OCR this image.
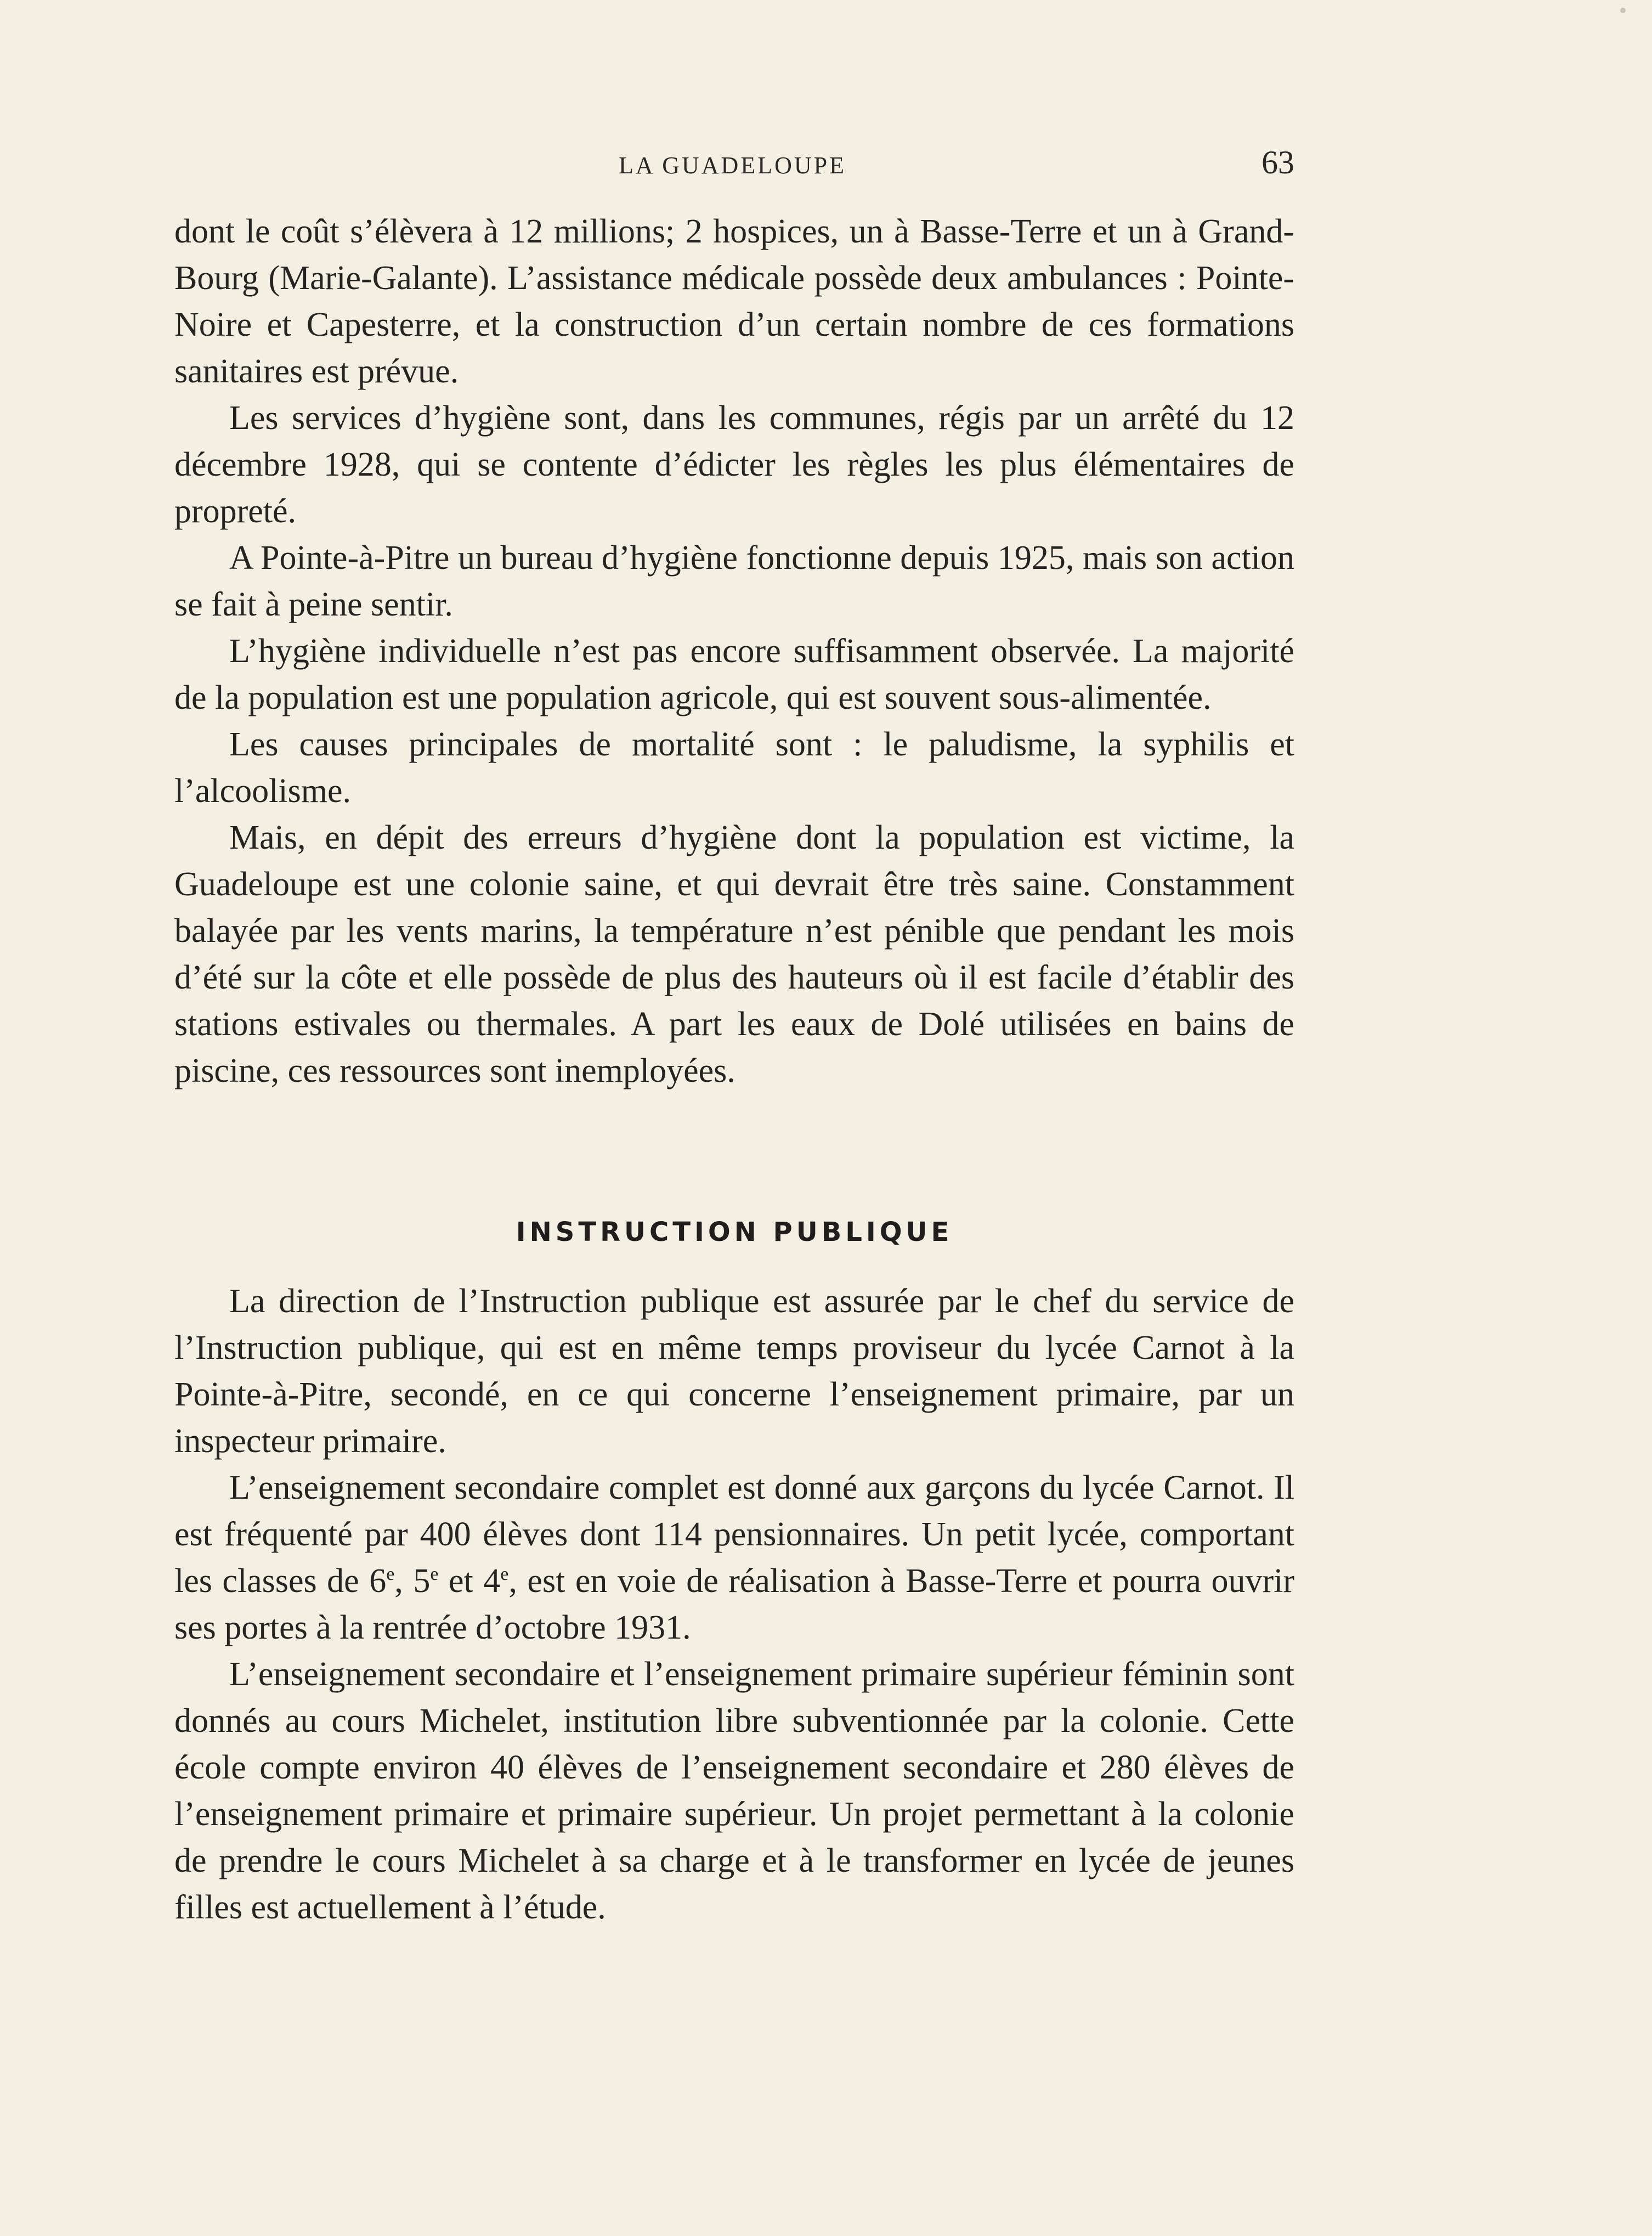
LA GUADELOUPE	63

dont le coût s’élèvera à 12 millions; 2 hospices, un à Basse-Terre et un à Grand-Bourg (Marie-Galante). L’assistance médicale possède deux ambulances : Pointe-Noire et Capesterre, et la construction d’un certain nombre de ces formations sanitaires est prévue.

Les services d’hygiène sont, dans les communes, régis par un arrêté du 12 décembre 1928, qui se contente d’édicter les règles les plus élémentaires de propreté.

A Pointe-à-Pitre un bureau d’hygiène fonctionne depuis 1925, mais son action se fait à peine sentir.

L’hygiène individuelle n’est pas encore suffisamment observée. La majorité de la population est une population agricole, qui est souvent sous-alimentée.

Les causes principales de mortalité sont : le paludisme, la syphilis et l’alcoolisme.

Mais, en dépit des erreurs d’hygiène dont la population est victime, la Guadeloupe est une colonie saine, et qui devrait être très saine. Constamment balayée par les vents marins, la température n’est pénible que pendant les mois d’été sur la côte et elle possède de plus des hauteurs où il est facile d’établir des stations estivales ou thermales. A part les eaux de Dolé utilisées en bains de piscine, ces ressources sont inemployées.

INSTRUCTION PUBLIQUE

La direction de l’Instruction publique est assurée par le chef du service de l’Instruction publique, qui est en même temps proviseur du lycée Carnot à la Pointe-à-Pitre, secondé, en ce qui concerne l’enseignement primaire, par un inspecteur primaire.

L’enseignement secondaire complet est donné aux garçons du lycée Carnot. Il est fréquenté par 400 élèves dont 114 pensionnaires. Un petit lycée, comportant les classes de 6e, 5e et 4e, est en voie de réalisation à Basse-Terre et pourra ouvrir ses portes à la rentrée d’octobre 1931.

L’enseignement secondaire et l’enseignement primaire supérieur féminin sont donnés au cours Michelet, institution libre subventionnée par la colonie. Cette école compte environ 40 élèves de l’enseignement secondaire et 280 élèves de l’enseignement primaire et primaire supérieur. Un projet permettant à la colonie de prendre le cours Michelet à sa charge et à le transformer en lycée de jeunes filles est actuellement à l’étude.
